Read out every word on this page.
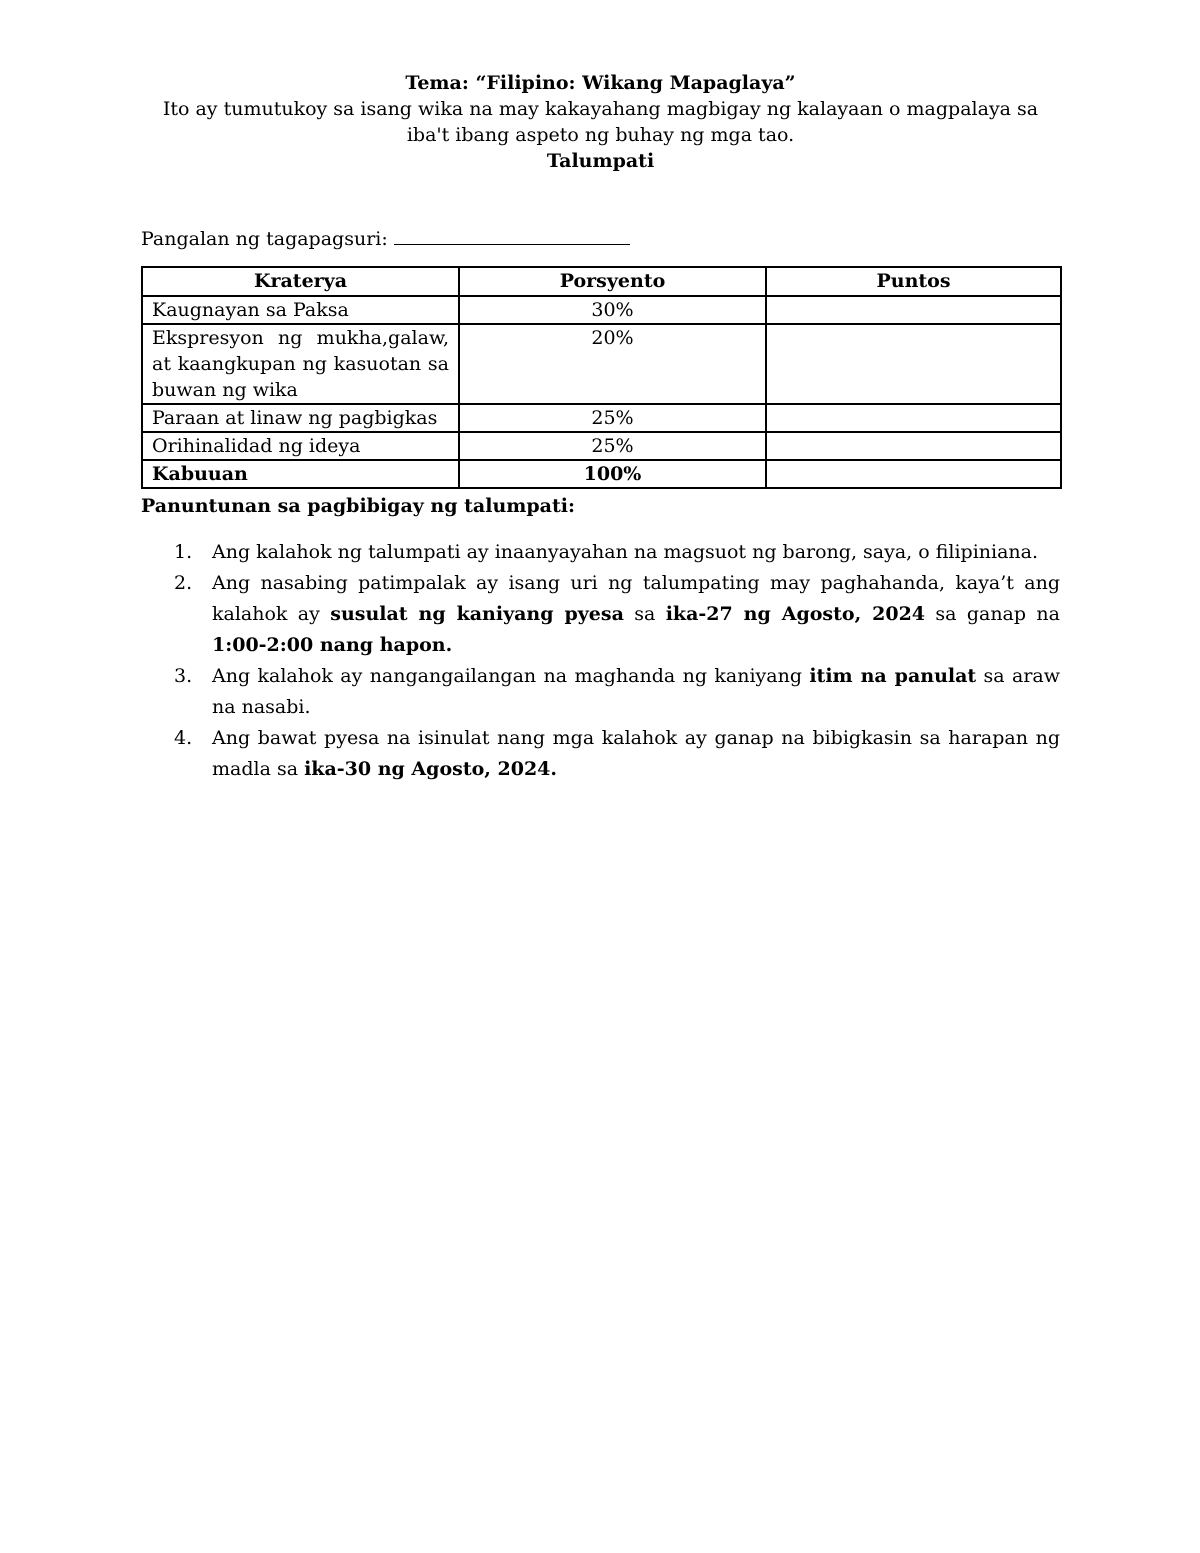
Tema: “Filipino: Wikang Mapaglaya”

Ito ay tumutukoy sa isang wika na may kakayahang magbigay ng kalayaan o magpalaya sa iba't ibang aspeto ng buhay ng mga tao.

Talumpati

Pangalan ng tagapagsuri:
Kraterya	Porsyento	Puntos
Kaugnayan sa Paksa	30%	
Ekspresyon ng mukha,galaw, at kaangkupan ng kasuotan sa buwan ng wika	20%	
Paraan at linaw ng pagbigkas	25%	
Orihinalidad ng ideya	25%	
Kabuuan	100%	

Panuntunan sa pagbibigay ng talumpati:

1. Ang kalahok ng talumpati ay inaanyayahan na magsuot ng barong, saya, o filipiniana.
2. Ang nasabing patimpalak ay isang uri ng talumpating may paghahanda, kaya’t ang kalahok ay susulat ng kaniyang pyesa sa ika-27 ng Agosto, 2024 sa ganap na 1:00-2:00 nang hapon.
3. Ang kalahok ay nangangailangan na maghanda ng kaniyang itim na panulat sa araw na nasabi.
4. Ang bawat pyesa na isinulat nang mga kalahok ay ganap na bibigkasin sa harapan ng madla sa ika-30 ng Agosto, 2024.
